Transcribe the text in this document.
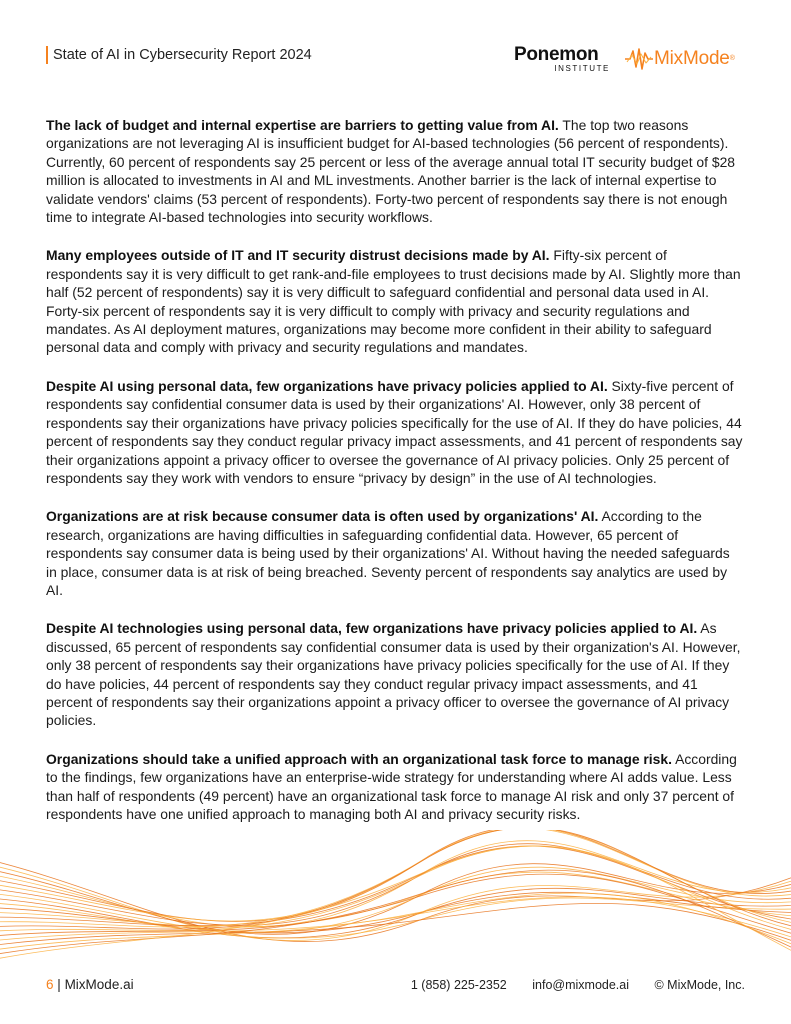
State of AI in Cybersecurity Report 2024	Ponemon
INSTITUTE MixMode®

The lack of budget and internal expertise are barriers to getting value from AI. The top two reasons organizations are not leveraging AI is insufficient budget for AI-based technologies (56 percent of respondents). Currently, 60 percent of respondents say 25 percent or less of the average annual total IT security budget of $28 million is allocated to investments in AI and ML investments. Another barrier is the lack of internal expertise to validate vendors' claims (53 percent of respondents). Forty-two percent of respondents say there is not enough time to integrate AI-based technologies into security workflows.

Many employees outside of IT and IT security distrust decisions made by AI. Fifty-six percent of respondents say it is very difficult to get rank-and-file employees to trust decisions made by AI. Slightly more than half (52 percent of respondents) say it is very difficult to safeguard confidential and personal data used in AI. Forty-six percent of respondents say it is very difficult to comply with privacy and security regulations and mandates. As AI deployment matures, organizations may become more confident in their ability to safeguard personal data and comply with privacy and security regulations and mandates.

Despite AI using personal data, few organizations have privacy policies applied to AI. Sixty-five percent of respondents say confidential consumer data is used by their organizations' AI. However, only 38 percent of respondents say their organizations have privacy policies specifically for the use of AI. If they do have policies, 44 percent of respondents say they conduct regular privacy impact assessments, and 41 percent of respondents say their organizations appoint a privacy officer to oversee the governance of AI privacy policies. Only 25 percent of respondents say they work with vendors to ensure “privacy by design” in the use of AI technologies.

Organizations are at risk because consumer data is often used by organizations' AI. According to the research, organizations are having difficulties in safeguarding confidential data. However, 65 percent of respondents say consumer data is being used by their organizations' AI. Without having the needed safeguards in place, consumer data is at risk of being breached. Seventy percent of respondents say analytics are used by AI.

Despite AI technologies using personal data, few organizations have privacy policies applied to AI. As discussed, 65 percent of respondents say confidential consumer data is used by their organization's AI. However, only 38 percent of respondents say their organizations have privacy policies specifically for the use of AI. If they do have policies, 44 percent of respondents say they conduct regular privacy impact assessments, and 41 percent of respondents say their organizations appoint a privacy officer to oversee the governance of AI privacy policies.

Organizations should take a unified approach with an organizational task force to manage risk. According to the findings, few organizations have an enterprise-wide strategy for understanding where AI adds value. Less than half of respondents (49 percent) have an organizational task force to manage AI risk and only 37 percent of respondents have one unified approach to managing both AI and privacy security risks.

6 | MixMode.ai	1 (858) 225-2352 info@mixmode.ai © MixMode, Inc.
